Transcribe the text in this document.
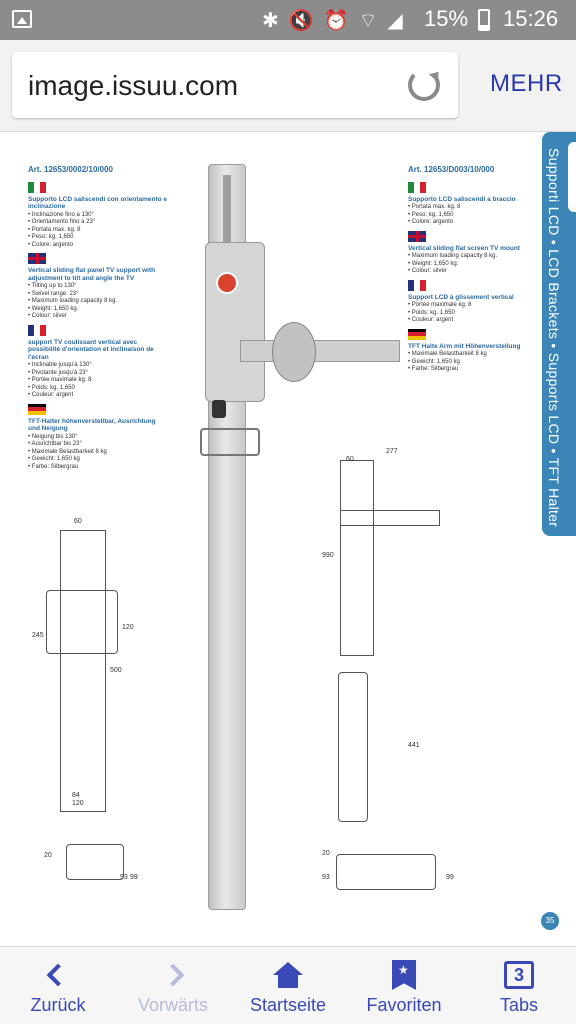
✱ 🔇 ⏰ ⌔ ◢ 15% 15:26
image.issuu.com	MEHR
Supporti LCD • LCD Brackets • Supports LCD • TFT Halter
Art. 12653/0002/10/000
Supporto LCD saliscendi con orientamento e inclinazione
• Inclinazione fino a 130°
• Orientamento fino a 23°
• Portata max. kg. 8
• Peso: kg. 1,650
• Colore: argento
Vertical sliding flat panel TV support with adjustment to tilt and angle the TV
• Tilting up to 130°
• Swivel range: 23°
• Maximum loading capacity 8 kg.
• Weight: 1,650 kg.
• Colour: silver
support TV coulissant vertical avec possibilité d'orientation et inclinaison de l'écran
• Inclinable jusqu'à 130°
• Pivotante jusqu'à 23°
• Portée maximale kg. 8
• Poids: kg. 1,650
• Couleur: argent
TFT-Halter höhenverstellbar, Ausrichtung und Neigung
• Neigung bis 130°
• Ausrichtbar bis 23°
• Maximale Belastbarkeit 8 kg
• Gewicht: 1,650 kg
• Farbe: Silbergrau
Art. 12653/D003/10/000
Supporto LCD saliscendi a braccio
• Portata max. kg. 8
• Peso: kg. 1,650
• Colore: argento
Vertical sliding flat screen TV mount
• Maximum loading capacity 8 kg.
• Weight: 1,650 kg.
• Colour: silver
Support LCD à glissement vertical
• Portée maximale kg. 8
• Poids: kg. 1,650
• Couleur: argent
TFT Halte Arm mit Höhenverstellung
• Maximale Belastbarkeit 8 kg
• Gewicht: 1,650 kg
• Farbe: Silbergrau
60
245
120
500
84
120
20
93 99
277
60
990
441
20
93	99
35
Zurück	Vorwärts	Startseite
★	Favoriten
3
Tabs
